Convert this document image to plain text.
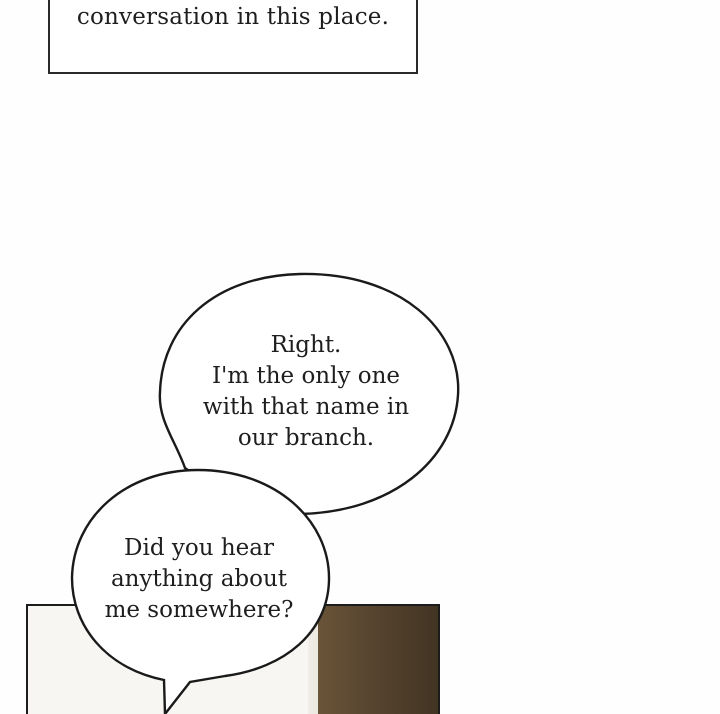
conversation in this place.
Right.
I'm the only one
with that name in
our branch.
Did you hear
anything about
me somewhere?
